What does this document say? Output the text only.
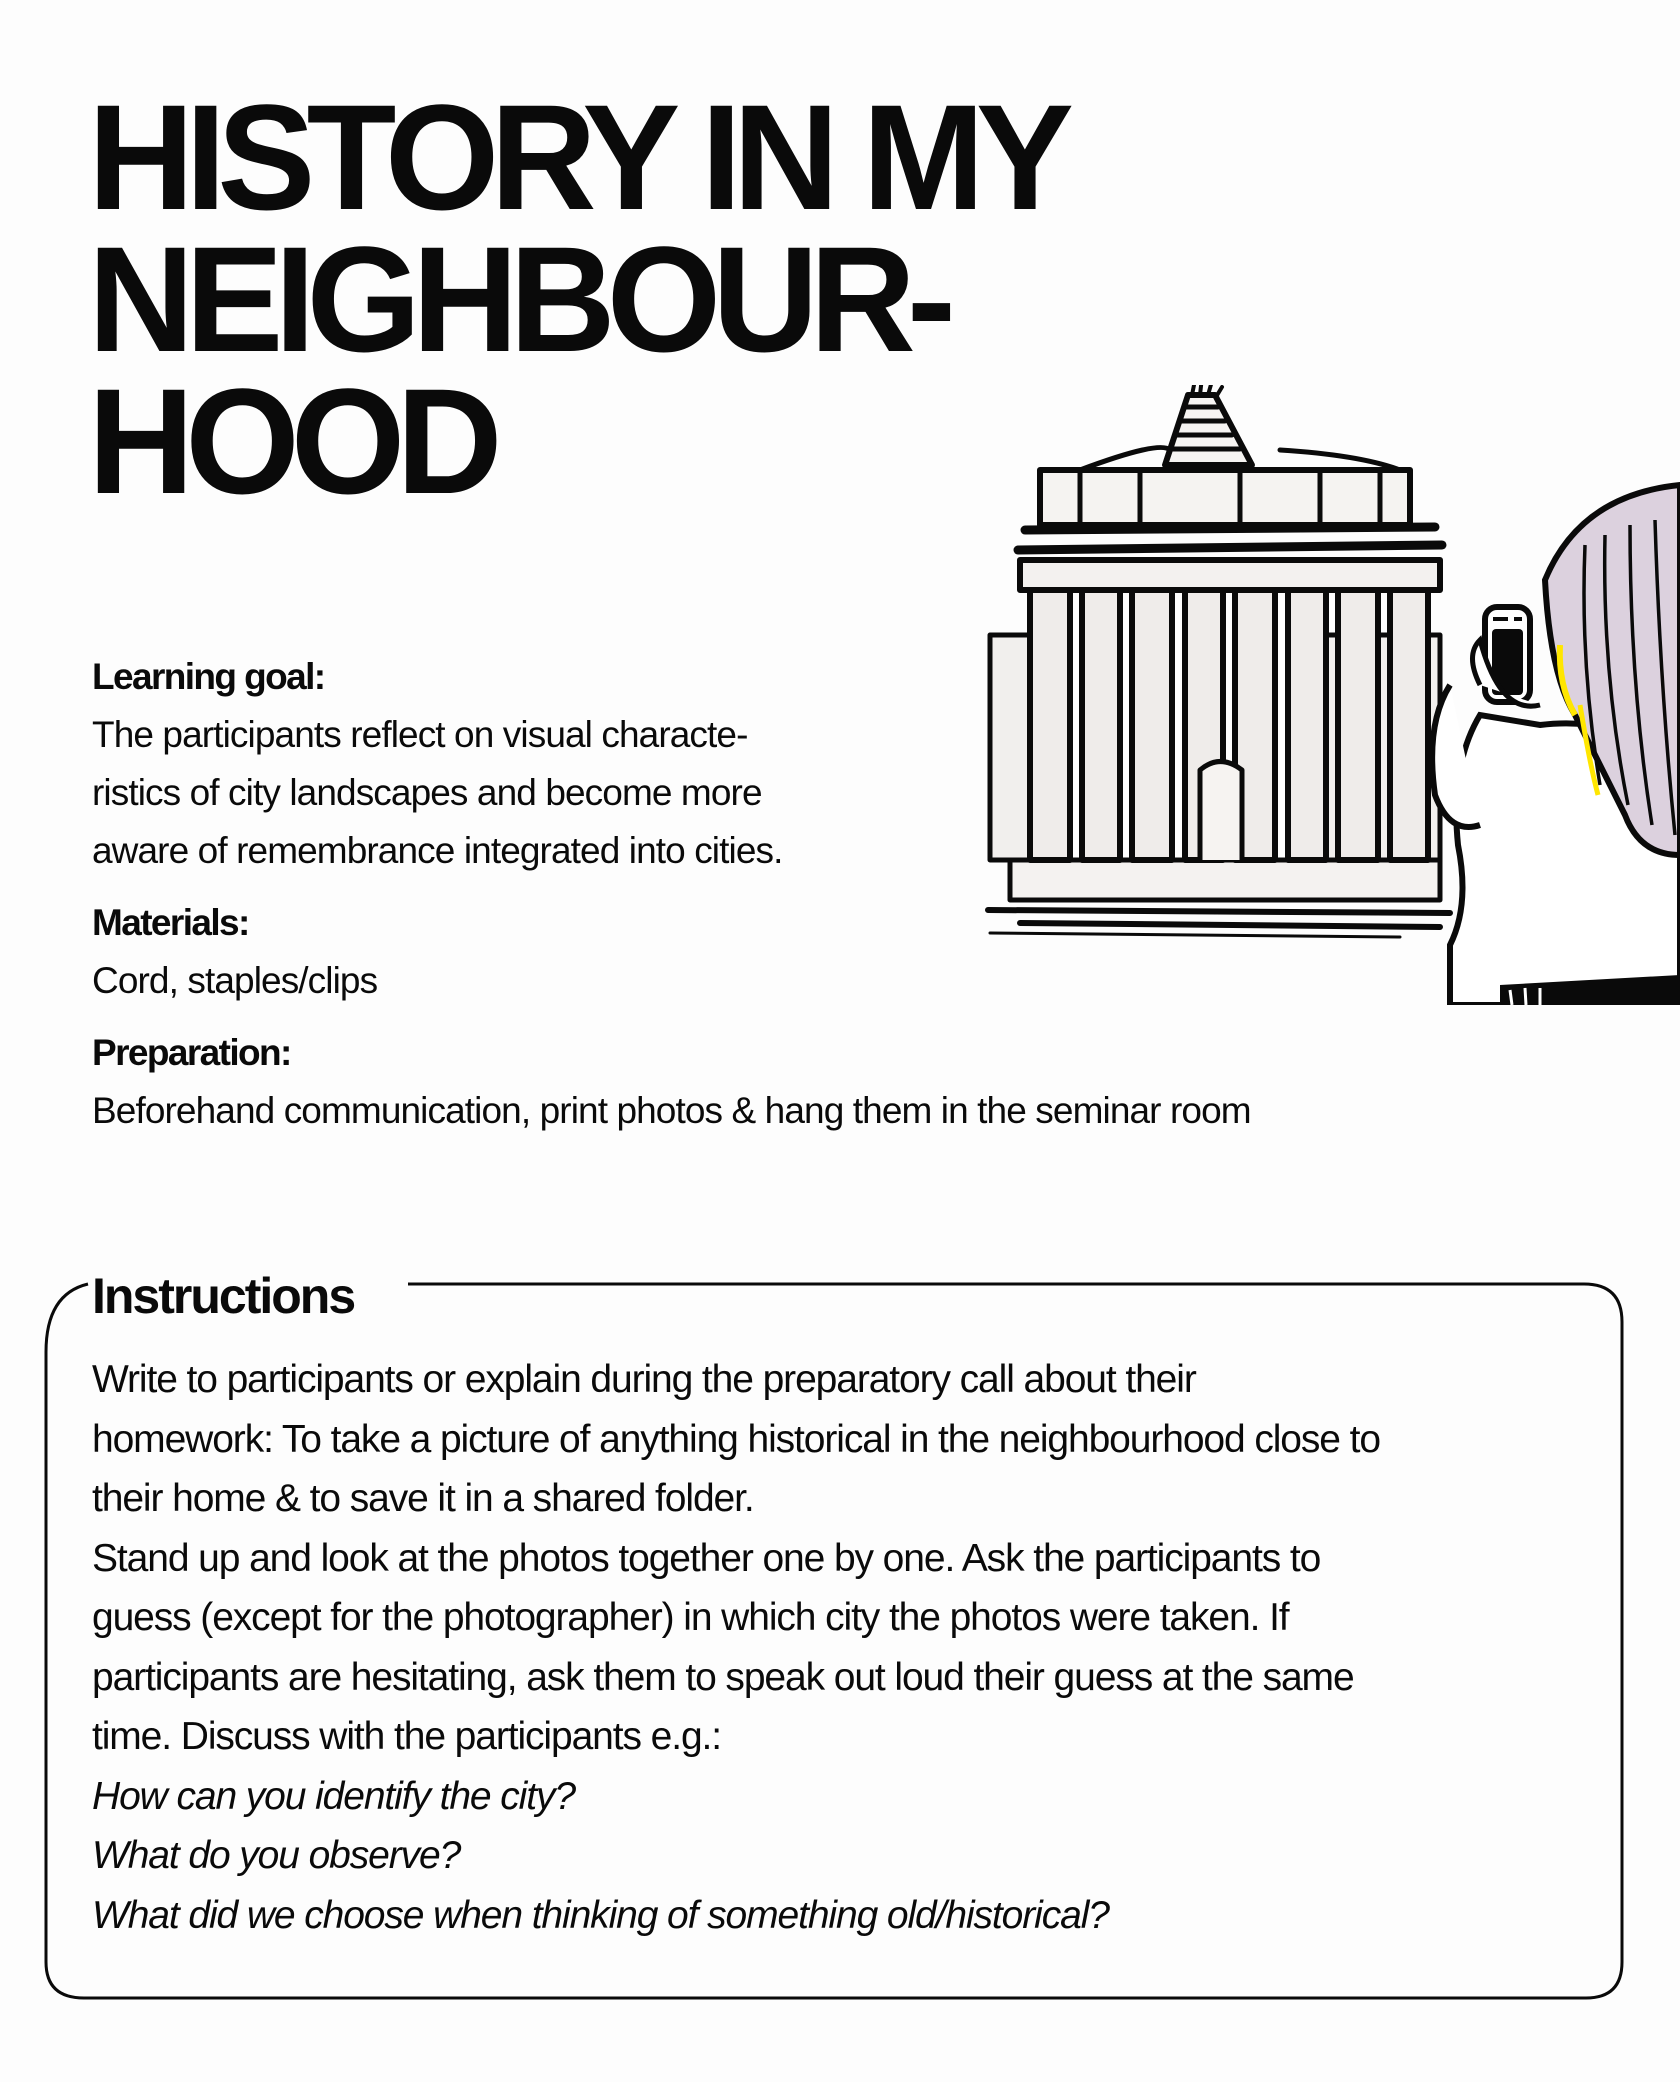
HISTORY IN MY
NEIGHBOUR-
HOOD

Learning goal:

The participants reflect on visual characte-

ristics of city landscapes and become more

aware of remembrance integrated into cities.

Materials:

Cord, staples/clips

Preparation:

Beforehand communication, print photos & hang them in the seminar room

Instructions

Write to participants or explain during the preparatory call about their

homework: To take a picture of anything historical in the neighbourhood close to

their home & to save it in a shared folder.

Stand up and look at the photos together one by one. Ask the participants to

guess (except for the photographer) in which city the photos were taken. If

participants are hesitating, ask them to speak out loud their guess at the same

time. Discuss with the participants e.g.:

How can you identify the city?

What do you observe?

What did we choose when thinking of something old/historical?
